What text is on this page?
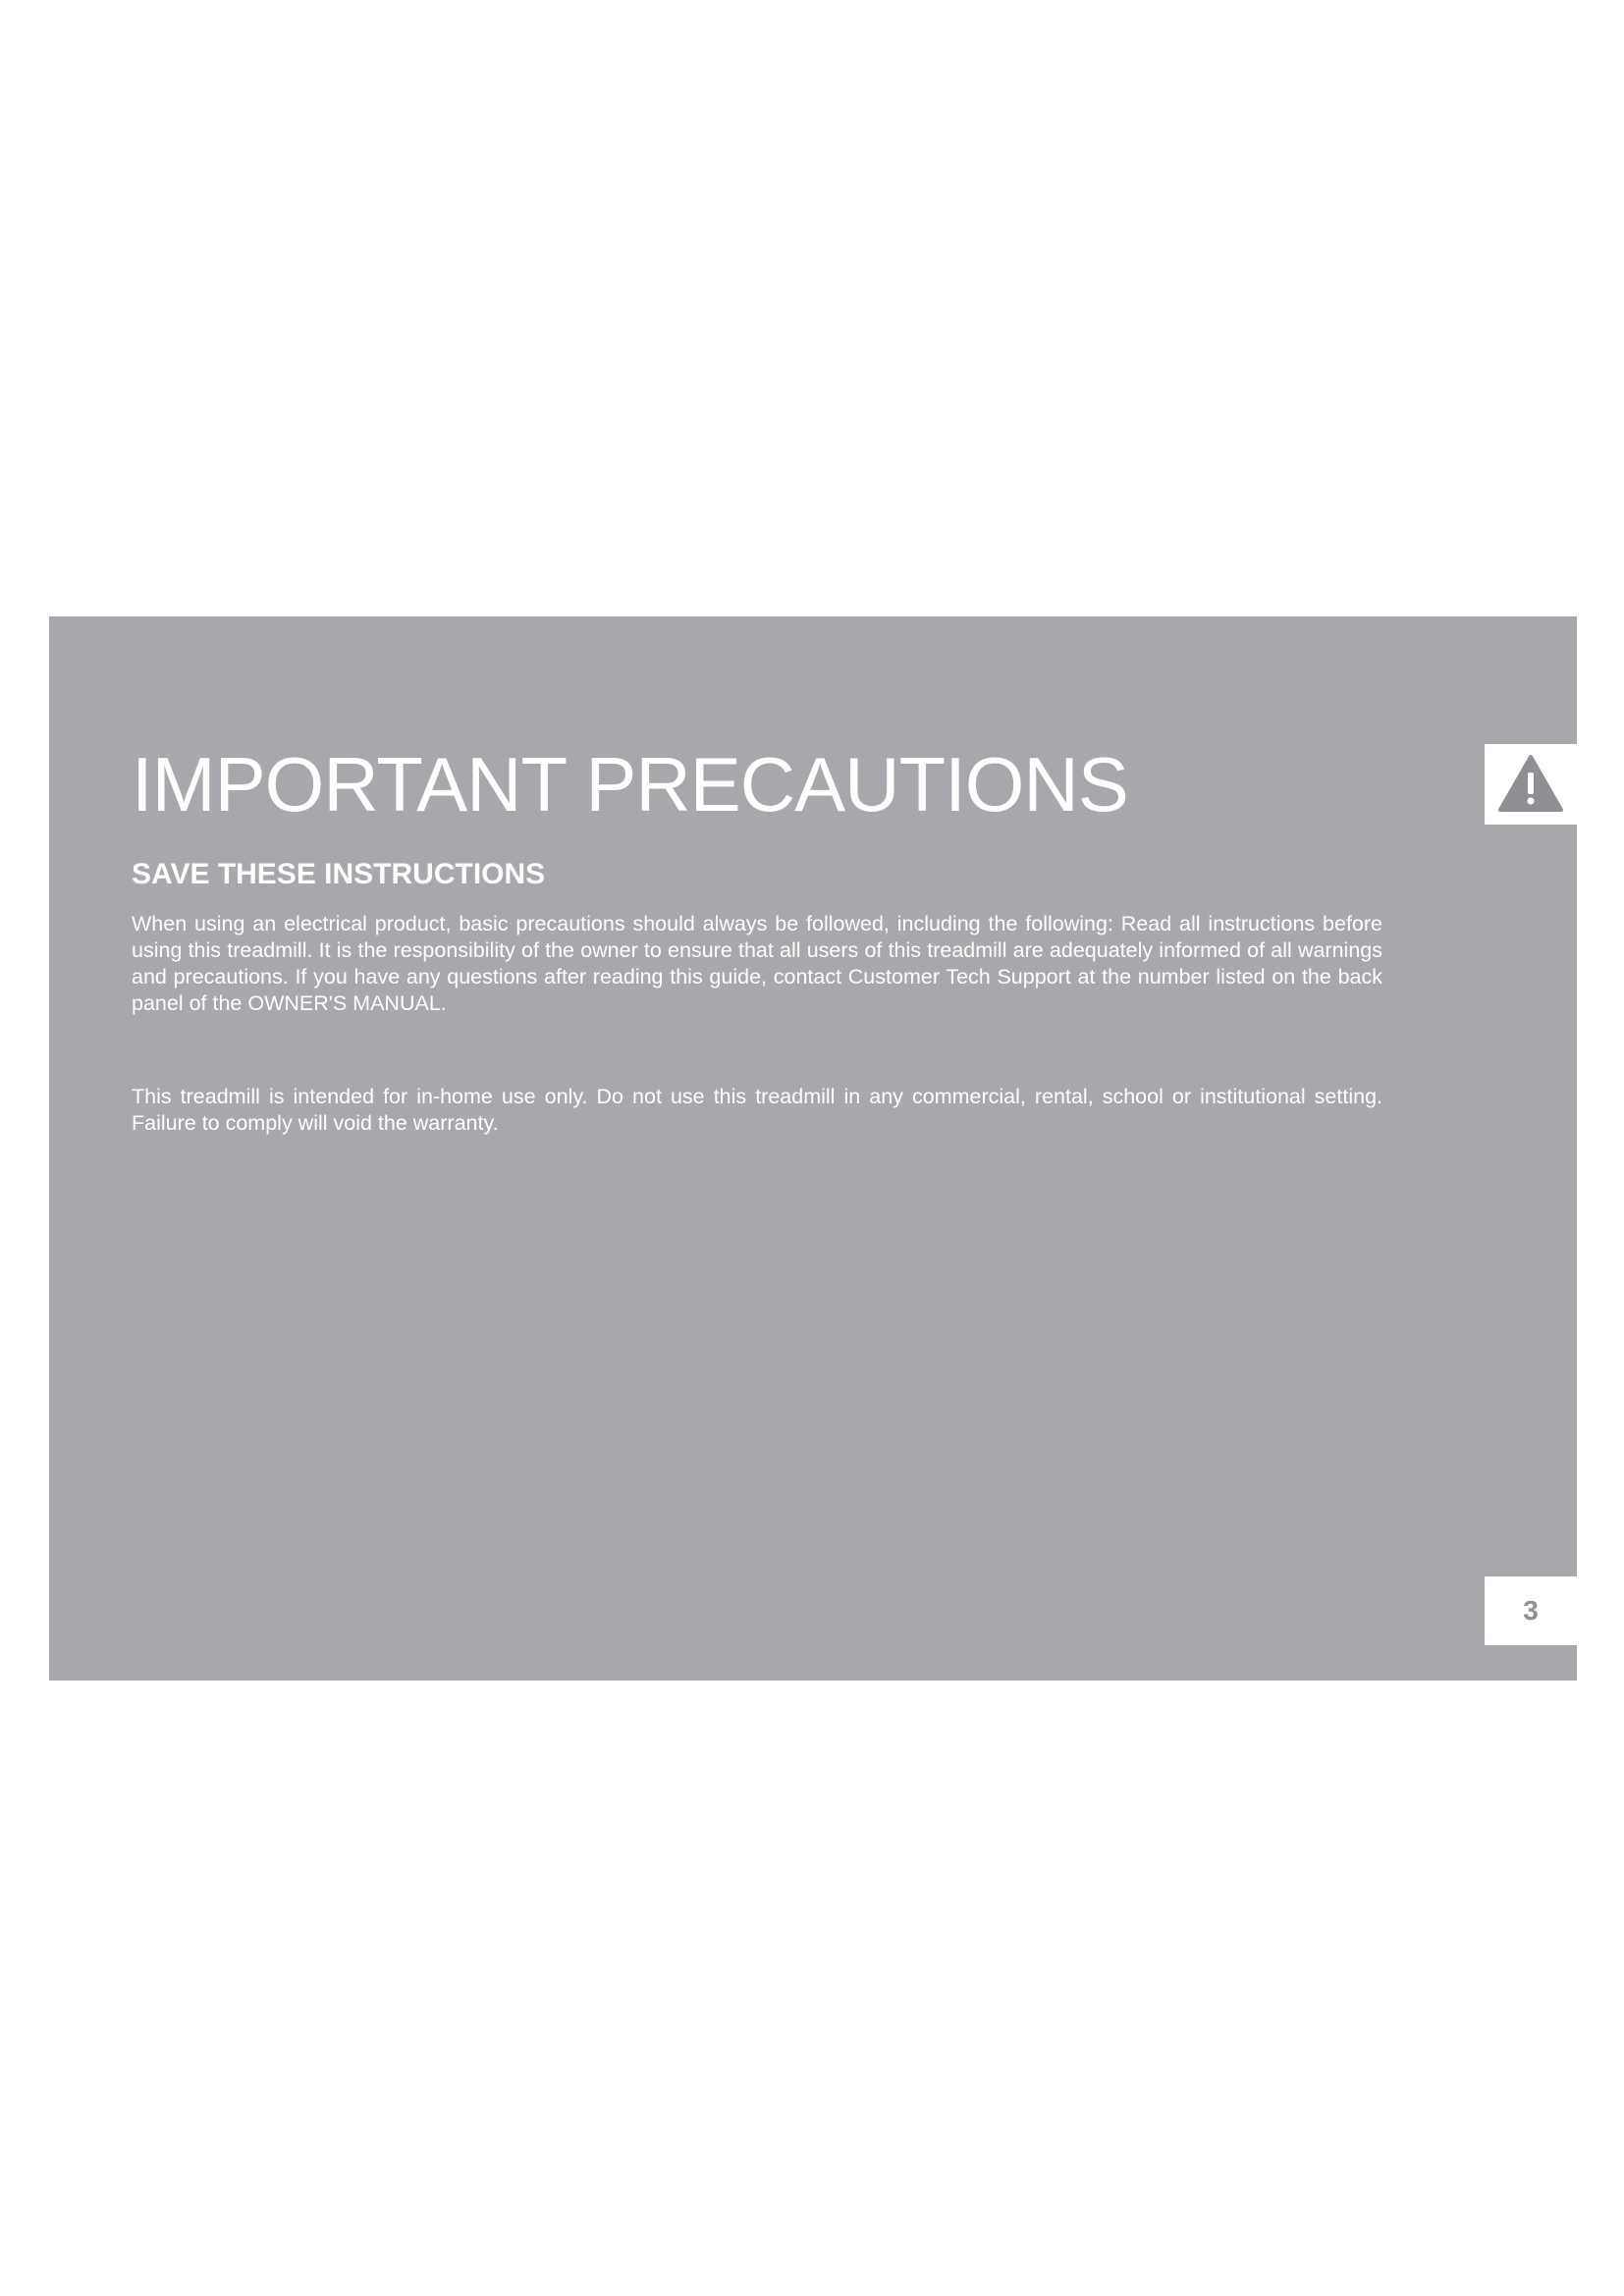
IMPORTANT PRECAUTIONS
SAVE THESE INSTRUCTIONS

When using an electrical product, basic precautions should always be followed, including the following: Read all instructions before using this treadmill. It is the responsibility of the owner to ensure that all users of this treadmill are adequately informed of all warnings and precautions. If you have any questions after reading this guide, contact Customer Tech Support at the number listed on the back panel of the OWNER'S MANUAL.

This treadmill is intended for in-home use only. Do not use this treadmill in any commercial, rental, school or institutional setting. Failure to comply will void the warranty.

3
